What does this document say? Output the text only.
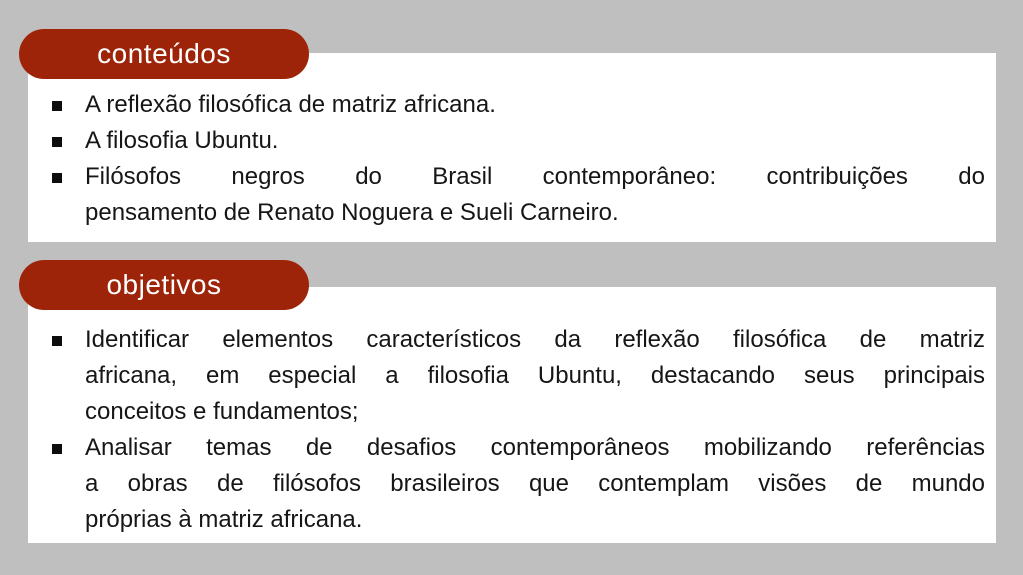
conteúdos
A reflexão filosófica de matriz africana.
A filosofia Ubuntu.
Filósofos negros do Brasil contemporâneo: contribuições do
pensamento de Renato Noguera e Sueli Carneiro.
objetivos
Identificar elementos característicos da reflexão filosófica de matriz
africana, em especial a filosofia Ubuntu, destacando seus principais
conceitos e fundamentos;
Analisar temas de desafios contemporâneos mobilizando referências
a obras de filósofos brasileiros que contemplam visões de mundo
próprias à matriz africana.
